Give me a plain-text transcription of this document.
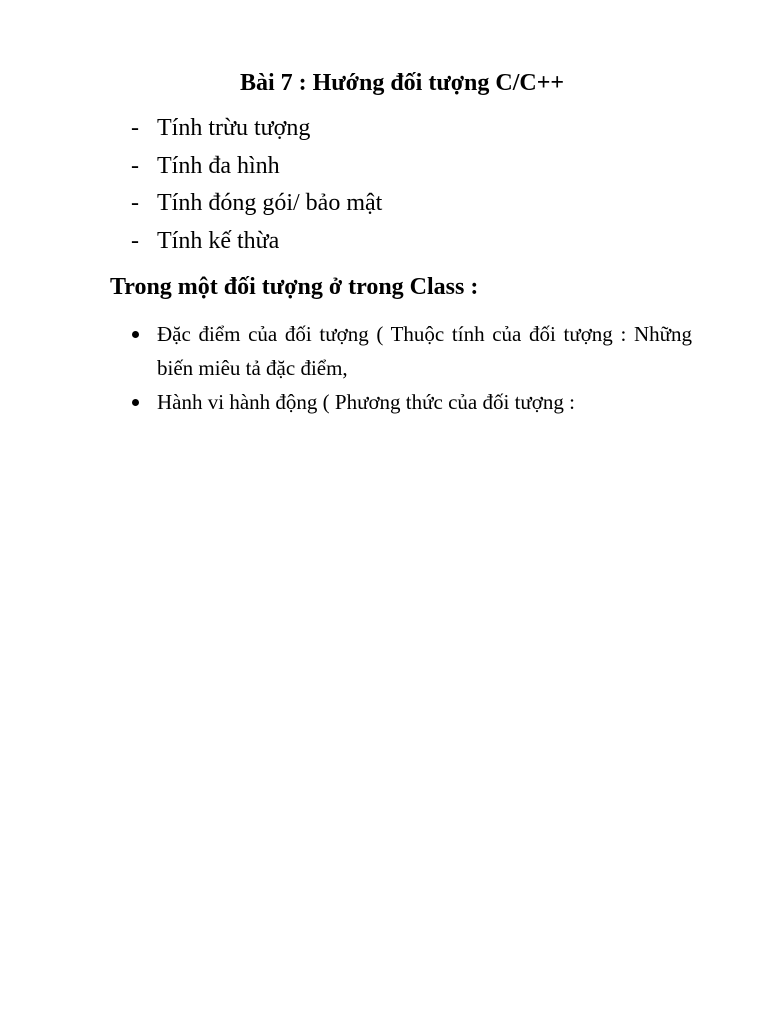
Bài 7 : Hướng đối tượng C/C++
- Tính trừu tượng
- Tính đa hình
- Tính đóng gói/ bảo mật
- Tính kế thừa
Trong một đối tượng ở trong Class :
Đặc điểm của đối tượng ( Thuộc tính của đối tượng : Những biến miêu tả đặc điểm,
Hành vi hành động ( Phương thức của đối tượng :
